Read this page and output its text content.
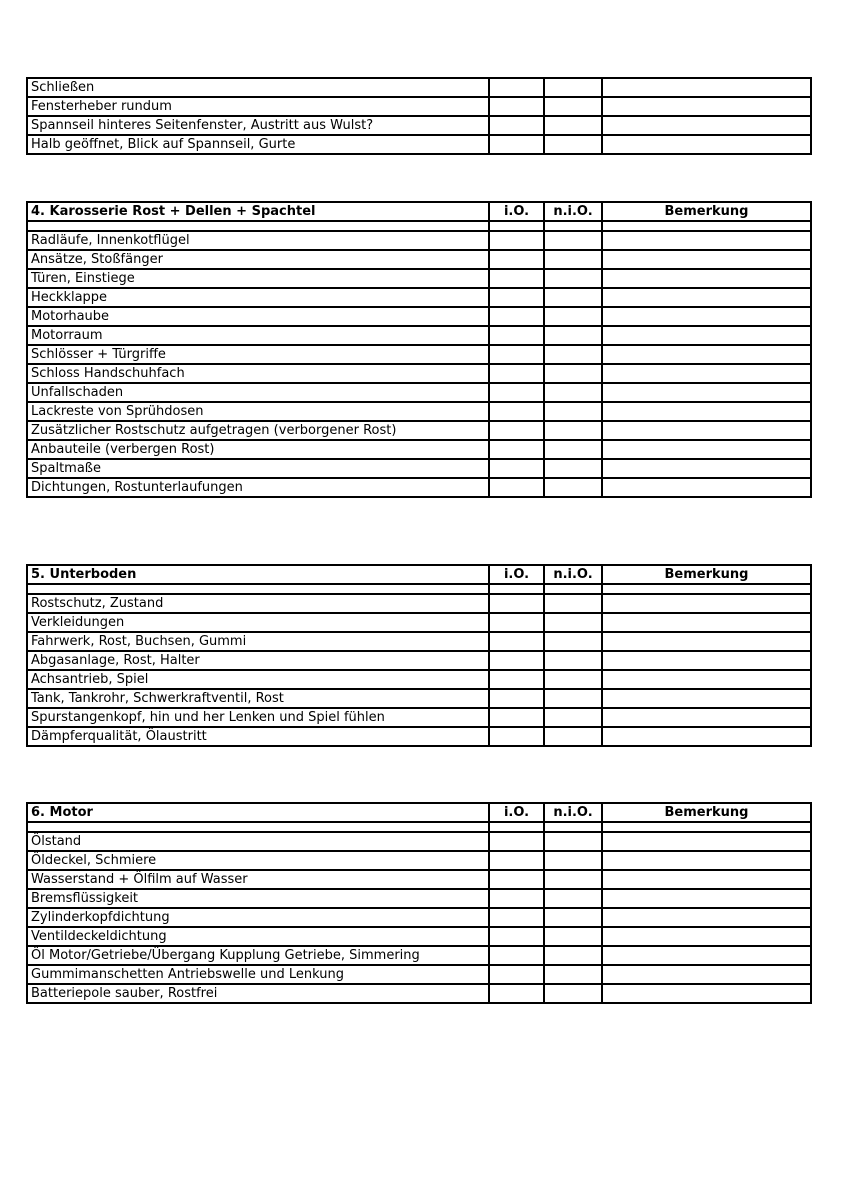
Schließen			
Fensterheber rundum			
Spannseil hinteres Seitenfenster, Austritt aus Wulst?			
Halb geöffnet, Blick auf Spannseil, Gurte			
4. Karosserie Rost + Dellen + Spachtel	i.O.	n.i.O.	Bemerkung

Radläufe, Innenkotflügel			
Ansätze, Stoßfänger			
Türen, Einstiege			
Heckklappe			
Motorhaube			
Motorraum			
Schlösser + Türgriffe			
Schloss Handschuhfach			
Unfallschaden			
Lackreste von Sprühdosen			
Zusätzlicher Rostschutz aufgetragen (verborgener Rost)			
Anbauteile (verbergen Rost)			
Spaltmaße			
Dichtungen, Rostunterlaufungen			
5. Unterboden	i.O.	n.i.O.	Bemerkung

Rostschutz, Zustand			
Verkleidungen			
Fahrwerk, Rost, Buchsen, Gummi			
Abgasanlage, Rost, Halter			
Achsantrieb, Spiel			
Tank, Tankrohr, Schwerkraftventil, Rost			
Spurstangenkopf, hin und her Lenken und Spiel fühlen			
Dämpferqualität, Ölaustritt			
6. Motor	i.O.	n.i.O.	Bemerkung

Ölstand			
Öldeckel, Schmiere			
Wasserstand + Ölfilm auf Wasser			
Bremsflüssigkeit			
Zylinderkopfdichtung			
Ventildeckeldichtung			
Öl Motor/Getriebe/Übergang Kupplung Getriebe, Simmering			
Gummimanschetten Antriebswelle und Lenkung			
Batteriepole sauber, Rostfrei			
